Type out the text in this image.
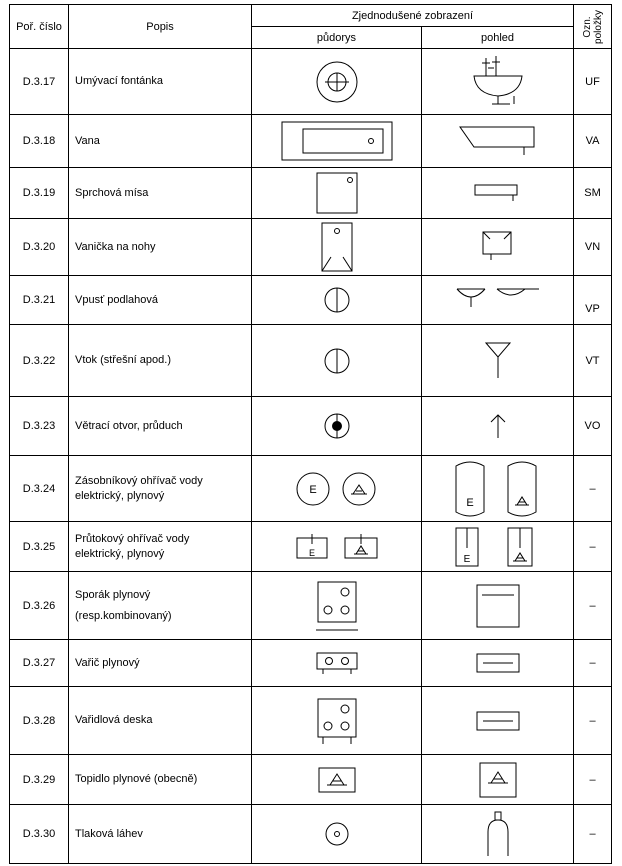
Poř. číslo	Popis	Zjednodušené zobrazení		Ozn.
položky
		půdorys	pohled	
D.3.17	Umývací fontánka			UF
D.3.18	Vana			VA
D.3.19	Sprchová mísa			SM
D.3.20	Vanička na nohy			VN
D.3.21	Vpusť podlahová			VP
D.3.22	Vtok (střešní apod.)			VT
D.3.23	Větrací otvor, průduch			VO
D.3.24	Zásobníkový ohřívač vody
elektrický, plynový	E	E	–
D.3.25	Průtokový ohřívač vody
elektrický, plynový	E	E	–
D.3.26	Sporák plynový
(resp.kombinovaný)			–
D.3.27	Vařič plynový			–
D.3.28	Vařidlová deska			–
D.3.29	Topidlo plynové (obecně)			–
D.3.30	Tlaková láhev			–
